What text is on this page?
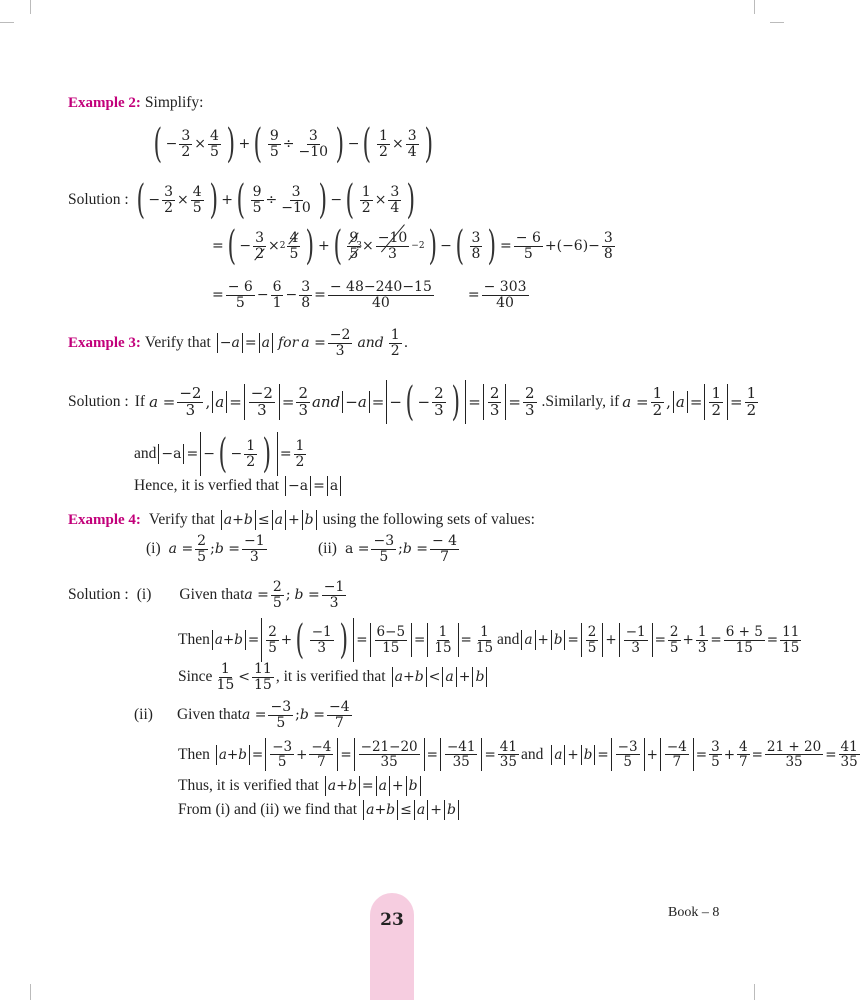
Example 2: Simplify:
( − $\frac{3}{2} \times \frac{4}{5}$ ) + ( $\frac{9}{5} \div \frac{3}{-10}$ ) − ( $\frac{1}{2} \times \frac{3}{4}$ )
Solution : ( − $\frac{3}{2} \times \frac{4}{5}$ ) + ( $\frac{9}{5} \div \frac{3}{-10}$ ) − ( $\frac{1}{2} \times \frac{3}{4}$ )
= ( − $\frac{3}{2} \times 2$
4
5 ) + ( 9
5
$3 \times \frac{-10}{3} -2$ ) − ( 3
8 ) = $\frac{- 6}{5} + (-6) - \frac{3}{8}$
= $\frac{- 6}{5} - \frac{6}{1} - \frac{3}{8} = \frac{- 48-240-15}{40} = \frac{- 303}{40}$
Example 3: Verify that −a = a for $a = \frac{-2}{3}$ and
1
2 .
Solution : If $a = \frac{-2}{3}$ , a =
−2
$3 = \frac{2}{3}$ and −a = − ( − $\frac{2}{3}$ ) =
2
$3 = \frac{2}{3}$ .Similarly, if $a = \frac{1}{2}$ , a =
1
$2 = \frac{1}{2}$
and −a = − ( − $\frac{1}{2}$ ) = $\frac{1}{2}$
Hence, it is verfied that −a = a
Example 4: Verify that a + b ≤ a + b using the following sets of values:
(i) $a = \frac{2}{5}$ ; $b = \frac{-1}{3}$	(ii) $a = \frac{-3}{5}$ ; $b = \frac{- 4}{7}$
Solution : (i) Given that $a = \frac{2}{5}$ ; $b = \frac{-1}{3}$
Then a + b = 2
5 + ( −1
3 ) = 6−5
15 = 1
$15 = \frac{1}{15}$ and a + b = 2
5 + −1
$3 = \frac{2}{5} + \frac{1}{3} = \frac{6 + 5}{15} = \frac{11}{15}$
Since 1
15 <
11
15 , it is verified that a + b < a + b
(ii) Given that $a = \frac{-3}{5}$ ; $b = \frac{-4}{7}$
Then a + b = −3
$5 + \frac{-4}{7} = -21-20$
35 = −41
$35 = \frac{41}{35}$ and a + b = −3
5 + −4
$7 = \frac{3}{5} + \frac{4}{7} = \frac{21 + 20}{35} = \frac{41}{35}$
Thus, it is verified that a + b = a + b
From (i) and (ii) we find that a + b ≤ a + b
23	Book – 8
